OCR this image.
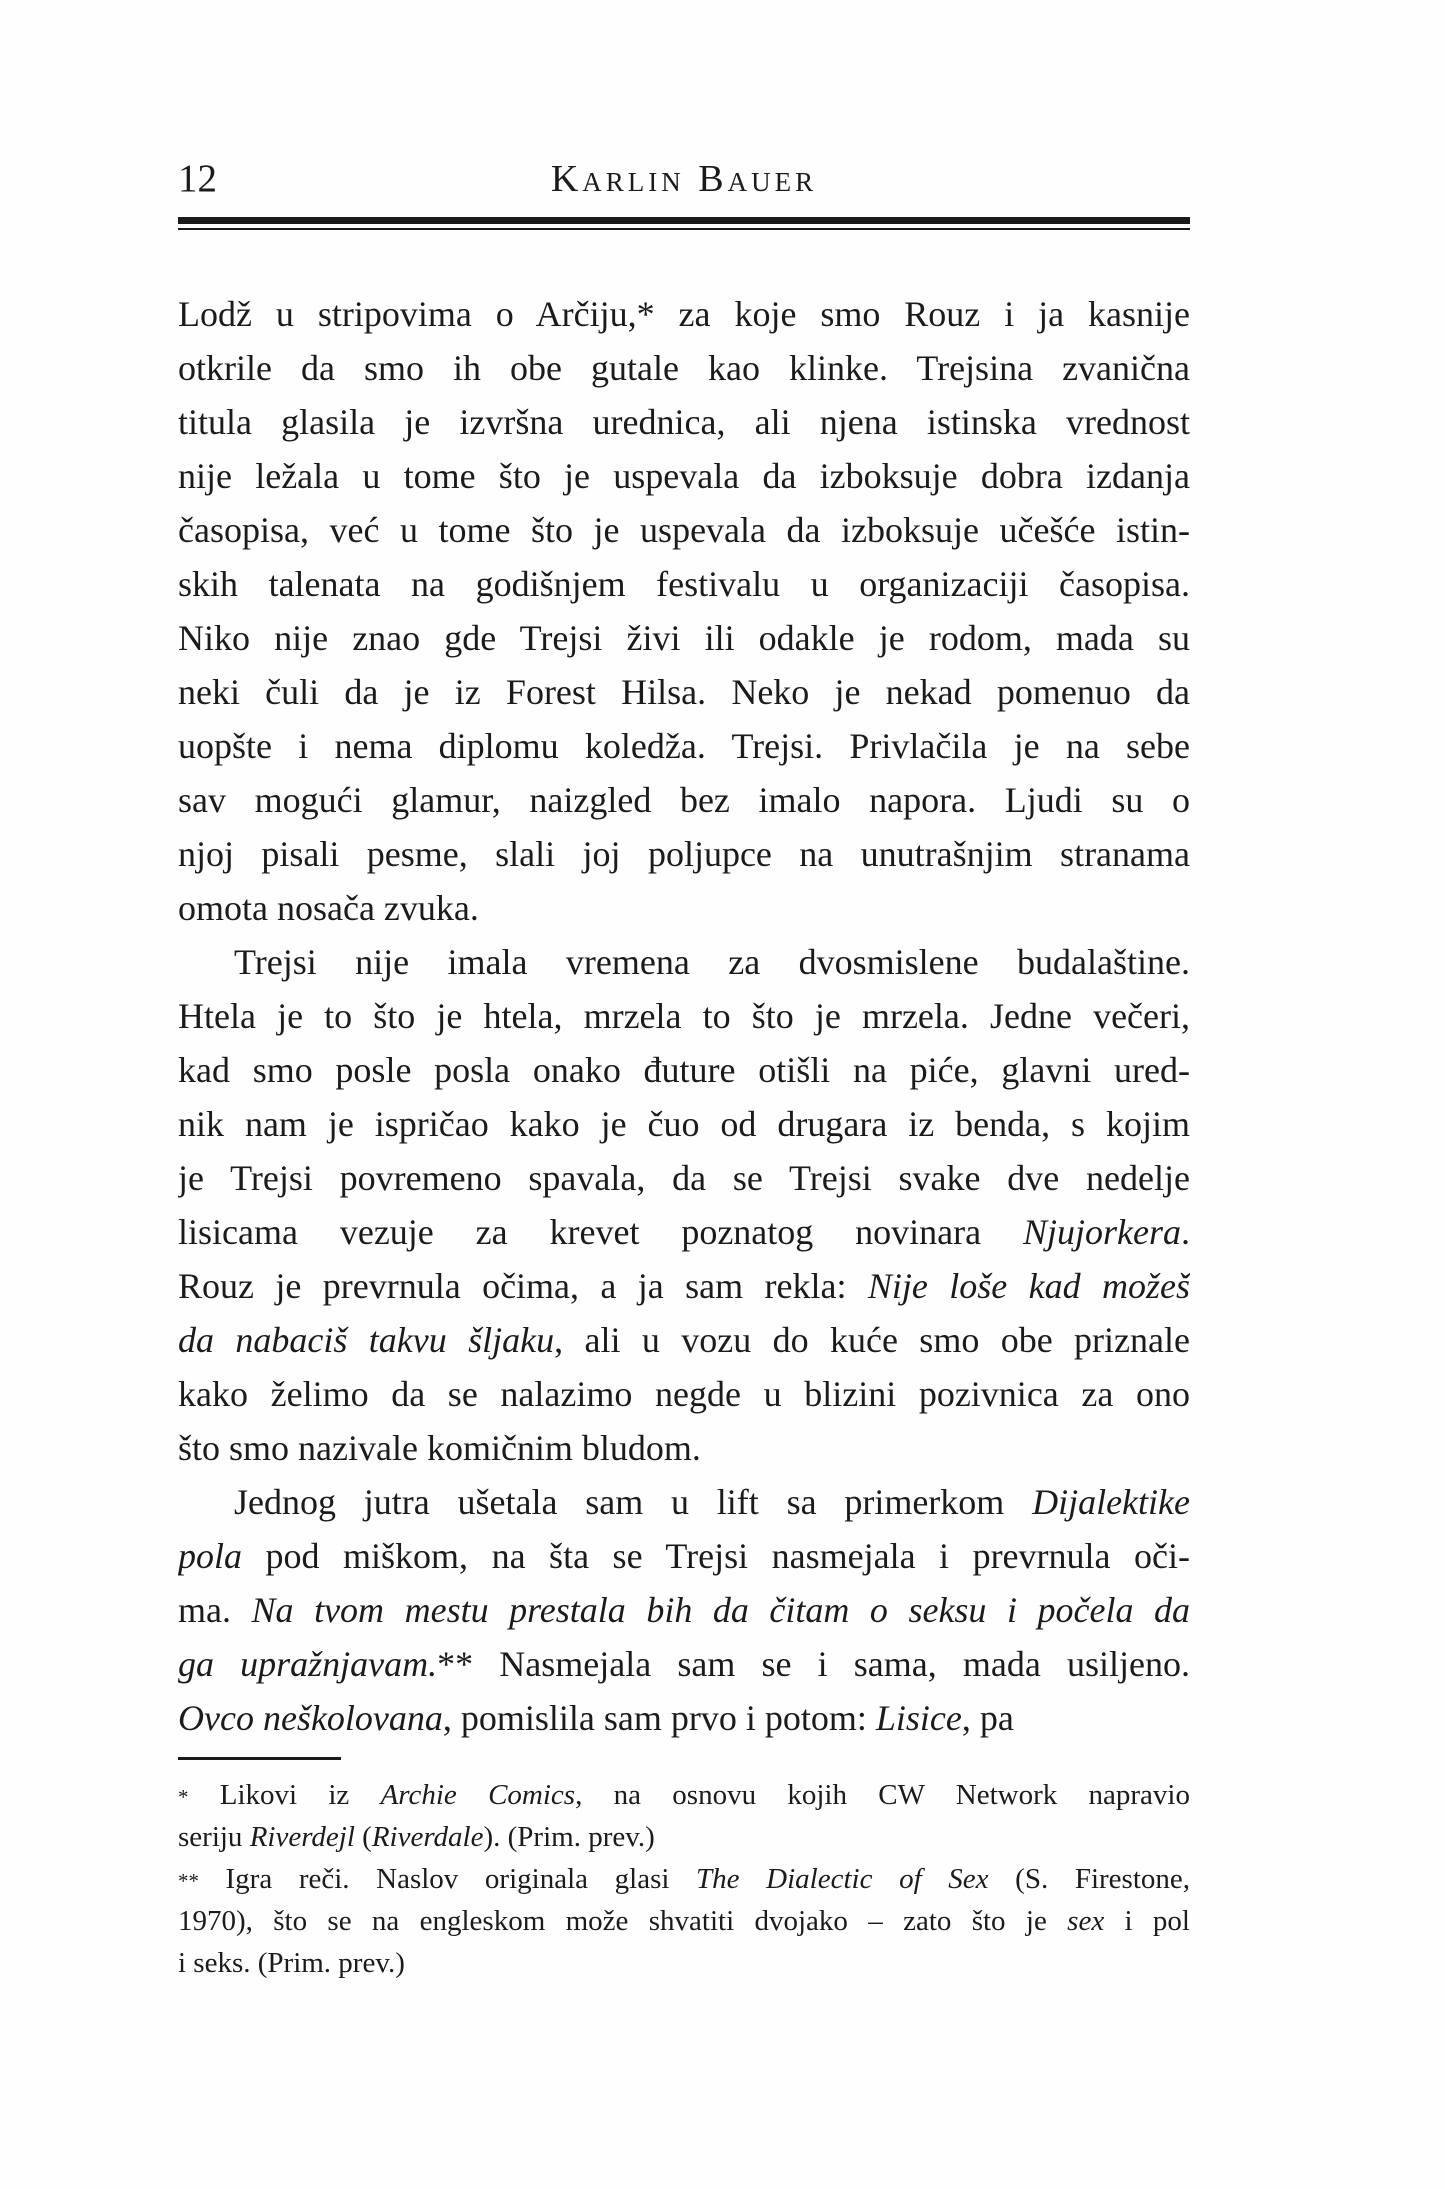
12	Karlin Bauer
Lodž u stripovima o Arčiju,* za koje smo Rouz i ja kasnije
otkrile da smo ih obe gutale kao klinke. Trejsina zvanična
titula glasila je izvršna urednica, ali njena istinska vrednost
nije ležala u tome što je uspevala da izboksuje dobra izdanja
časopisa, već u tome što je uspevala da izboksuje učešće istin-
skih talenata na godišnjem festivalu u organizaciji časopisa.
Niko nije znao gde Trejsi živi ili odakle je rodom, mada su
neki čuli da je iz Forest Hilsa. Neko je nekad pomenuo da
uopšte i nema diplomu koledža. Trejsi. Privlačila je na sebe
sav mogući glamur, naizgled bez imalo napora. Ljudi su o
njoj pisali pesme, slali joj poljupce na unutrašnjim stranama
omota nosača zvuka.
Trejsi nije imala vremena za dvosmislene budalaštine.
Htela je to što je htela, mrzela to što je mrzela. Jedne večeri,
kad smo posle posla onako đuture otišli na piće, glavni ured-
nik nam je ispričao kako je čuo od drugara iz benda, s kojim
je Trejsi povremeno spavala, da se Trejsi svake dve nedelje
lisicama vezuje za krevet poznatog novinara Njujorkera.
Rouz je prevrnula očima, a ja sam rekla: Nije loše kad možeš
da nabaciš takvu šljaku, ali u vozu do kuće smo obe priznale
kako želimo da se nalazimo negde u blizini pozivnica za ono
što smo nazivale komičnim bludom.
Jednog jutra ušetala sam u lift sa primerkom Dijalektike
pola pod miškom, na šta se Trejsi nasmejala i prevrnula oči-
ma. Na tvom mestu prestala bih da čitam o seksu i počela da
ga upražnjavam.** Nasmejala sam se i sama, mada usiljeno.
Ovco neškolovana, pomislila sam prvo i potom: Lisice, pa
* Likovi iz Archie Comics, na osnovu kojih CW Network napravio
seriju Riverdejl (Riverdale). (Prim. prev.)
** Igra reči. Naslov originala glasi The Dialectic of Sex (S. Firestone,
1970), što se na engleskom može shvatiti dvojako – zato što je sex i pol
i seks. (Prim. prev.)
